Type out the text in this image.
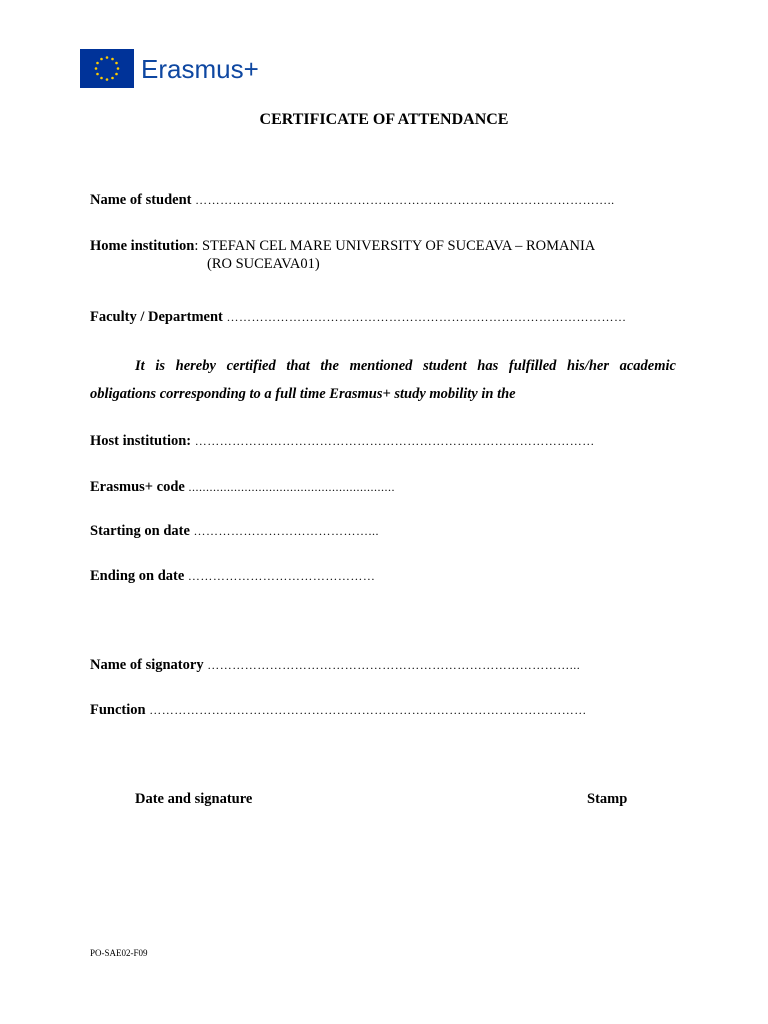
Erasmus+
CERTIFICATE OF ATTENDANCE
Name of student ………………………………………………………………………………………..
Home institution: STEFAN CEL MARE UNIVERSITY OF SUCEAVA – ROMANIA
(RO SUCEAVA01)
Faculty / Department ……………………………………………………………………………………
It is hereby certified that the mentioned student has fulfilled his/her academic
obligations corresponding to a full time Erasmus+ study mobility in the
Host institution: ……………………………………………………………………………………
Erasmus+ code ...........................................................
Starting on date ……………………………………...
Ending on date ………………………………………
Name of signatory ……………………………………………………………………………...
Function ……………………………………………………………………………………………
Date and signature	Stamp
PO-SAE02-F09
